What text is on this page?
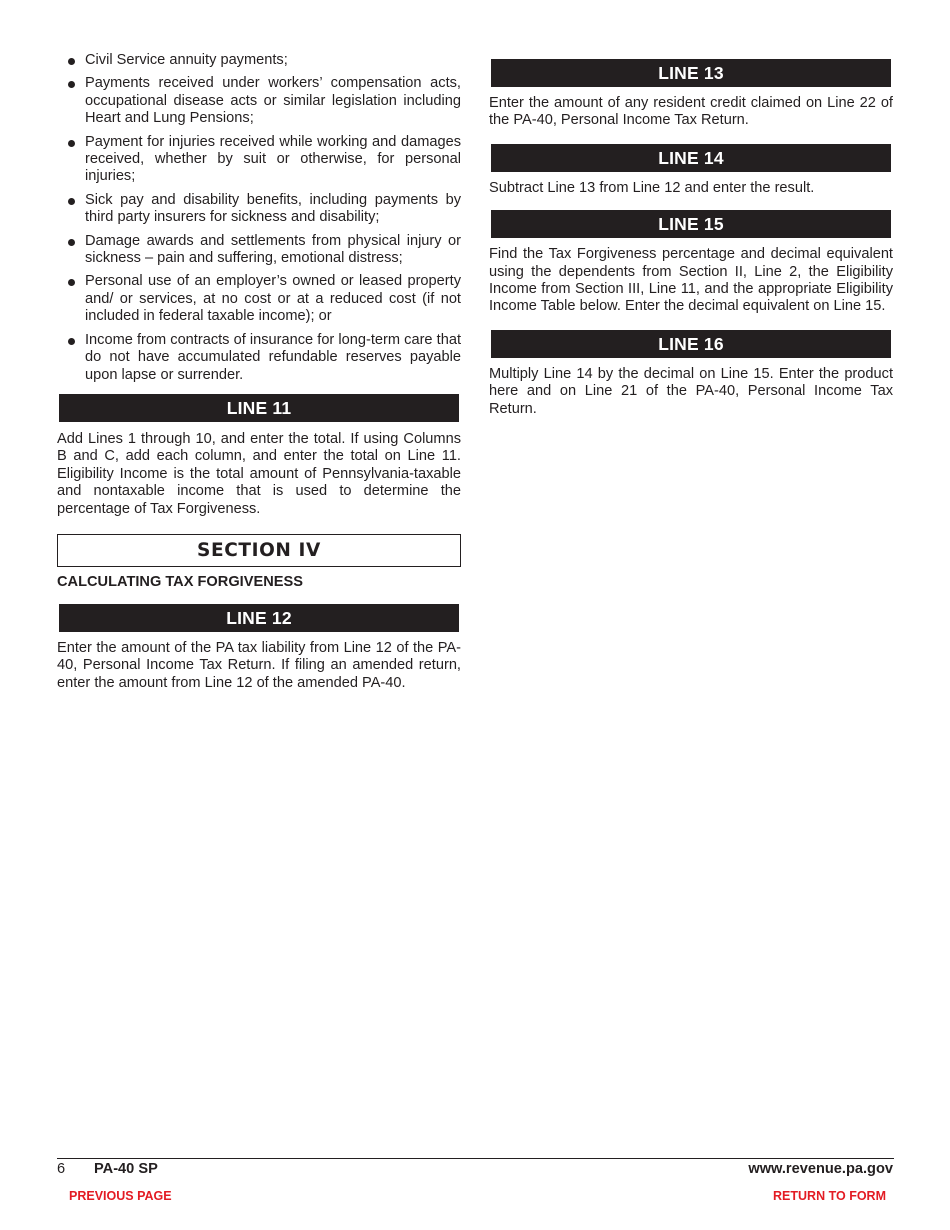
Civil Service annuity payments;
Payments received under workers’ compensation acts, occupational disease acts or similar legislation including Heart and Lung Pensions;
Payment for injuries received while working and damages received, whether by suit or otherwise, for personal injuries;
Sick pay and disability benefits, including payments by third party insurers for sickness and disability;
Damage awards and settlements from physical injury or sickness – pain and suffering, emotional distress;
Personal use of an employer’s owned or leased property and/ or services, at no cost or at a reduced cost (if not included in federal taxable income); or
Income from contracts of insurance for long-term care that do not have accumulated refundable reserves payable upon lapse or surrender.
LINE 11

Add Lines 1 through 10, and enter the total. If using Columns B and C, add each column, and enter the total on Line 11. Eligibility Income is the total amount of Pennsylvania-taxable and nontaxable income that is used to determine the percentage of Tax Forgiveness.

SECTION IV
CALCULATING TAX FORGIVENESS
LINE 12

Enter the amount of the PA tax liability from Line 12 of the PA-40, Personal Income Tax Return. If filing an amended return, enter the amount from Line 12 of the amended PA-40.

LINE 13

Enter the amount of any resident credit claimed on Line 22 of the PA-40, Personal Income Tax Return.

LINE 14

Subtract Line 13 from Line 12 and enter the result.

LINE 15

Find the Tax Forgiveness percentage and decimal equivalent using the dependents from Section II, Line 2, the Eligibility Income from Section III, Line 11, and the appropriate Eligibility Income Table below. Enter the decimal equivalent on Line 15.

LINE 16

Multiply Line 14 by the decimal on Line 15. Enter the product here and on Line 21 of the PA-40, Personal Income Tax Return.

6 PA-40 SP	www.revenue.pa.gov
PREVIOUS PAGE	RETURN TO FORM
